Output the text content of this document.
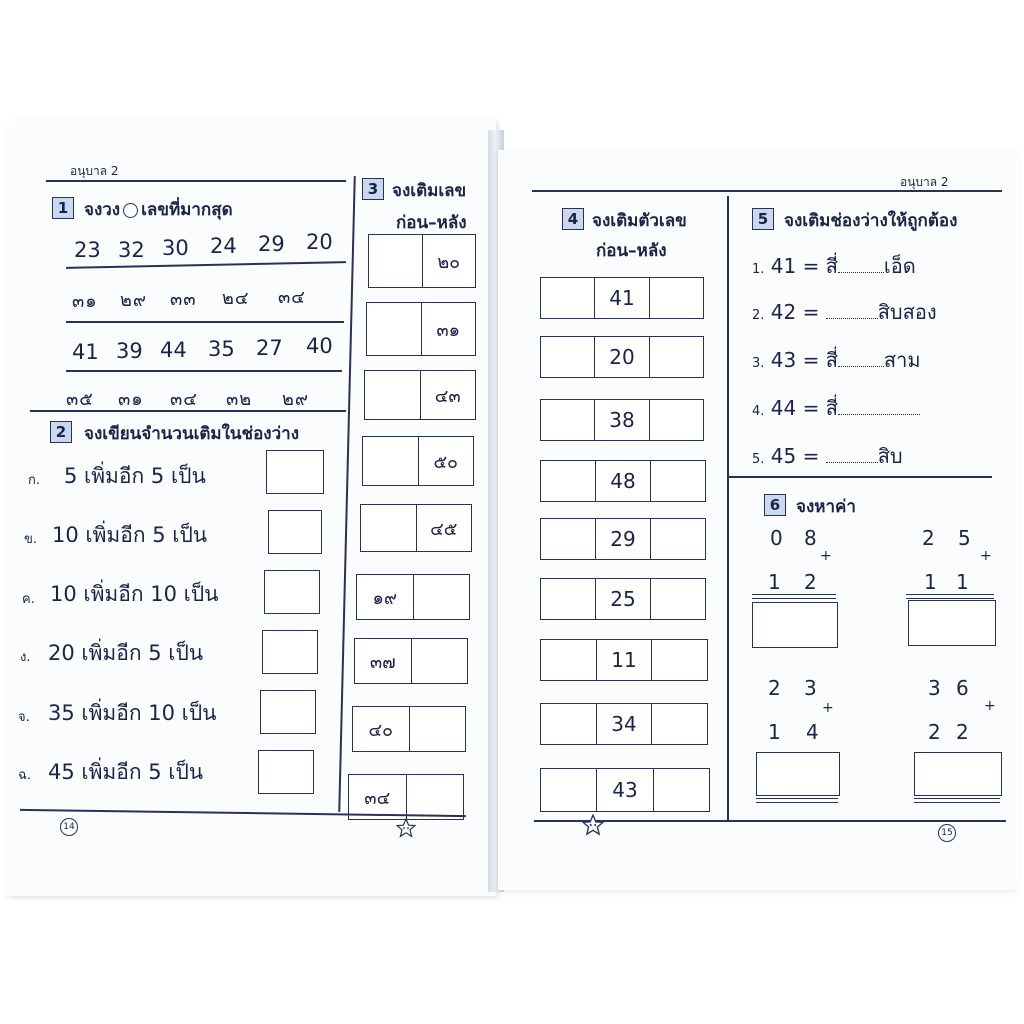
อนุบาล 2
1 จงวง เลขที่มากสุด
23 32 30 24 29 20
๓๑ ๒๙ ๓๓ ๒๔ ๓๔
41 39 44 35 27 40
๓๕ ๓๑ ๓๔ ๓๒ ๒๙
2	จงเขียนจำนวนเติมในช่องว่าง
ก. 5 เพิ่มอีก 5 เป็น
ข. 10 เพิ่มอีก 5 เป็น
ค. 10 เพิ่มอีก 10 เป็น
ง. 20 เพิ่มอีก 5 เป็น
จ. 35 เพิ่มอีก 10 เป็น
ฉ. 45 เพิ่มอีก 5 เป็น
3 จงเติมเลข
ก่อน–หลัง
๒๐
๓๑
๔๓
๕๐
๔๕
๑๙
๓๗
๔๐
๓๔
14
อนุบาล 2
4 จงเติมตัวเลข
ก่อน–หลัง
41
20
38
48
29
25
11
34
43
5 จงเติมช่องว่างให้ถูกต้อง
1. 41 = สี่ เอ็ด
2. 42 =	สิบสอง
3. 43 = สี่ สาม
4. 44 = สี่
5. 45 =	สิบ
6 จงหาค่า
0 8
+
1 2
2 5
+
1 1
2 3
+
1 4
3 6
+
2 2
15
